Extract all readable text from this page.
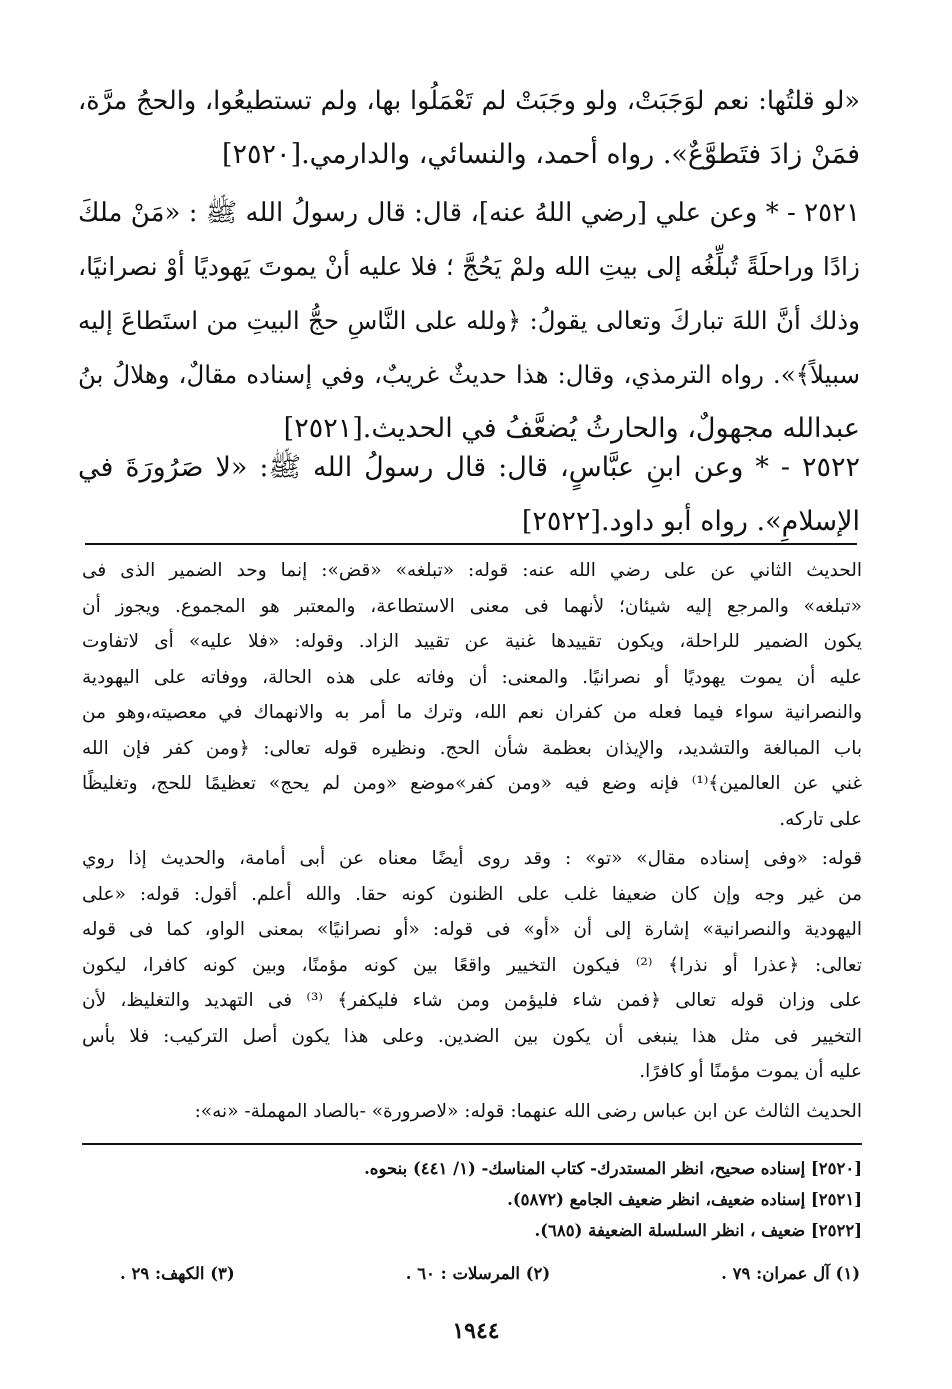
«لو قلتُها: نعم لوَجَبَتْ، ولو وجَبَتْ لم تَعْمَلُوا بها، ولم تستطيعُوا، والحجُ مرَّة،
فمَنْ زادَ فتَطوَّعٌ». رواه أحمد، والنسائي، والدارمي.[٢٥٢٠]
٢٥٢١ - * وعن علي [رضي اللهُ عنه]، قال: قال رسولُ الله ﷺ : «مَنْ ملكَ
زادًا وراحلَةً تُبلِّغُه إلى بيتِ الله ولمْ يَحُجَّ ؛ فلا عليه أنْ يموتَ يَهوديًا أوْ نصرانيًا،
وذلك أنَّ اللهَ تباركَ وتعالى يقولُ: ﴿ولله على النَّاسِ حجُّ البيتِ من استَطاعَ إليه
سبيلاً﴾». رواه الترمذي، وقال: هذا حديثٌ غريبٌ، وفي إسناده مقالٌ، وهلالُ بنُ
عبدالله مجهولٌ، والحارثُ يُضعَّفُ في الحديث.[٢٥٢١]
٢٥٢٢ - * وعن ابنِ عبَّاسٍ، قال: قال رسولُ الله ﷺ: «لا صَرُورَةَ في
الإسلامِ». رواه أبو داود.[٢٥٢٢]
الحديث الثاني عن على رضي الله عنه: قوله: «تبلغه» «قض»: إنما وحد الضمير الذى فى
«تبلغه» والمرجع إليه شيئان؛ لأنهما فى معنى الاستطاعة، والمعتبر هو المجموع. ويجوز أن
يكون الضمير للراحلة، ويكون تقييدها غنية عن تقييد الزاد. وقوله: «فلا عليه» أى لاتفاوت
عليه أن يموت يهوديًا أو نصرانيًا. والمعنى: أن وفاته على هذه الحالة، ووفاته على اليهودية
والنصرانية سواء فيما فعله من كفران نعم الله، وترك ما أمر به والانهماك في معصيته،وهو من
باب المبالغة والتشديد، والإيذان بعظمة شأن الحج. ونظيره قوله تعالى: ﴿ومن كفر فإن الله
غني عن العالمين﴾⁽¹⁾ فإنه وضع فيه «ومن كفر»موضع «ومن لم يحج» تعظيمًا للحج، وتغليظًا
على تاركه.
قوله: «وفى إسناده مقال» «تو» : وقد روى أيضًا معناه عن أبى أمامة، والحديث إذا روي
من غير وجه وإن كان ضعيفا غلب على الظنون كونه حقا. والله أعلم. أقول: قوله: «على
اليهودية والنصرانية» إشارة إلى أن «أو» فى قوله: «أو نصرانيًا» بمعنى الواو، كما فى قوله
تعالى: ﴿عذرا أو نذرا﴾ ⁽²⁾ فيكون التخيير واقعًا بين كونه مؤمنًا، وبين كونه كافرا، ليكون
على وزان قوله تعالى ﴿فمن شاء فليؤمن ومن شاء فليكفر﴾ ⁽³⁾ فى التهديد والتغليظ، لأن
التخيير فى مثل هذا ينبغى أن يكون بين الضدين. وعلى هذا يكون أصل التركيب: فلا بأس
عليه أن يموت مؤمنًا أو كافرًا.
الحديث الثالث عن ابن عباس رضى الله عنهما: قوله: «لاصرورة» -بالصاد المهملة- «نه»:
[٢٥٢٠] إسناده صحيح، انظر المستدرك- كتاب المناسك- (١/ ٤٤١) بنحوه.
[٢٥٢١] إسناده ضعيف، انظر ضعيف الجامع (٥٨٧٢).
[٢٥٢٢] ضعيف ، انظر السلسلة الضعيفة (٦٨٥).
(١) آل عمران: ٧٩ .
(٢) المرسلات : ٦٠ .
(٣) الكهف: ٢٩ .
١٩٤٤
